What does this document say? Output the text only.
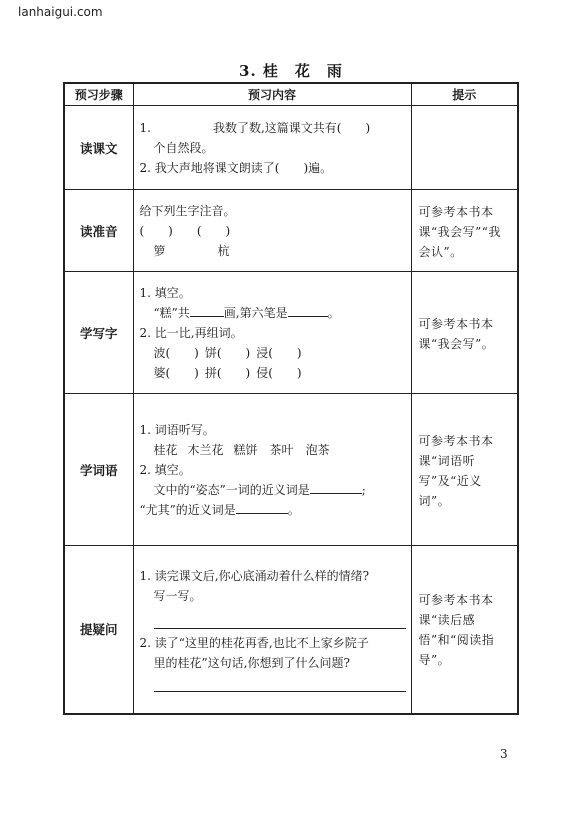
lanhaigui.com
3. 桂　花　雨
预习步骤	预习内容	提示
读课文	1. 我数了数,这篇课文共有(　　)
个自然段。
2. 我大声地将课文朗读了(　　)遍。	

读准音	给下列生字注音。
(　　) (　　)
箩 杭	可参考本书本课“我会写”“我会认”。
学写字	1. 填空。
“糕”共 画,第六笔是 。
2. 比一比,再组词。
波(　　) 饼(　　) 浸(　　)
婆(　　) 拼(　　) 侵(　　)	可参考本书本课“我会写”。
学词语	1. 词语听写。
桂花 木兰花 糕饼 茶叶 泡茶
2. 填空。
文中的“姿态”一词的近义词是 ;
“尤其”的近义词是 。	可参考本书本课“词语听写”及“近义词”。
提疑问	1. 读完课文后,你心底涌动着什么样的情绪?
写一写。
2. 读了“这里的桂花再香,也比不上家乡院子
里的桂花”这句话,你想到了什么问题?	可参考本书本课“读后感悟”和“阅读指导”。
3
